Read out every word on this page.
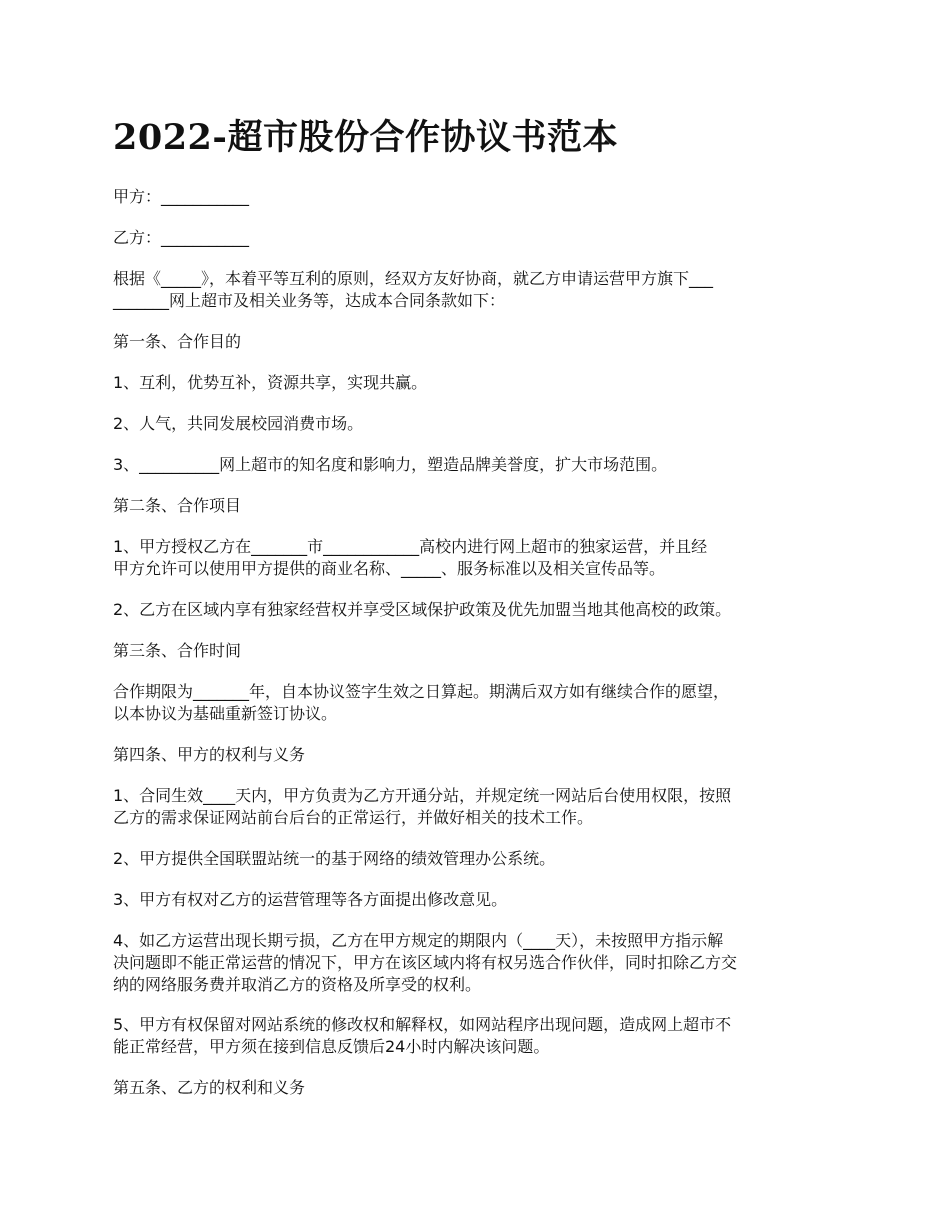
2022-超市股份合作协议书范本

甲方：___________

乙方：___________

根据《_____》，本着平等互利的原则，经双方友好协商，就乙方申请运营甲方旗下___
_______网上超市及相关业务等，达成本合同条款如下：

第一条、合作目的

1、互利，优势互补，资源共享，实现共赢。

2、人气，共同发展校园消费市场。

3、__________网上超市的知名度和影响力，塑造品牌美誉度，扩大市场范围。

第二条、合作项目

1、甲方授权乙方在_______市____________高校内进行网上超市的独家运营，并且经
甲方允许可以使用甲方提供的商业名称、_____、服务标准以及相关宣传品等。

2、乙方在区域内享有独家经营权并享受区域保护政策及优先加盟当地其他高校的政策。

第三条、合作时间

合作期限为_______年，自本协议签字生效之日算起。期满后双方如有继续合作的愿望，
以本协议为基础重新签订协议。

第四条、甲方的权利与义务

1、合同生效____天内，甲方负责为乙方开通分站，并规定统一网站后台使用权限，按照
乙方的需求保证网站前台后台的正常运行，并做好相关的技术工作。

2、甲方提供全国联盟站统一的基于网络的绩效管理办公系统。

3、甲方有权对乙方的运营管理等各方面提出修改意见。

4、如乙方运营出现长期亏损，乙方在甲方规定的期限内（____天），未按照甲方指示解
决问题即不能正常运营的情况下，甲方在该区域内将有权另选合作伙伴，同时扣除乙方交
纳的网络服务费并取消乙方的资格及所享受的权利。

5、甲方有权保留对网站系统的修改权和解释权，如网站程序出现问题，造成网上超市不
能正常经营，甲方须在接到信息反馈后24小时内解决该问题。

第五条、乙方的权利和义务
